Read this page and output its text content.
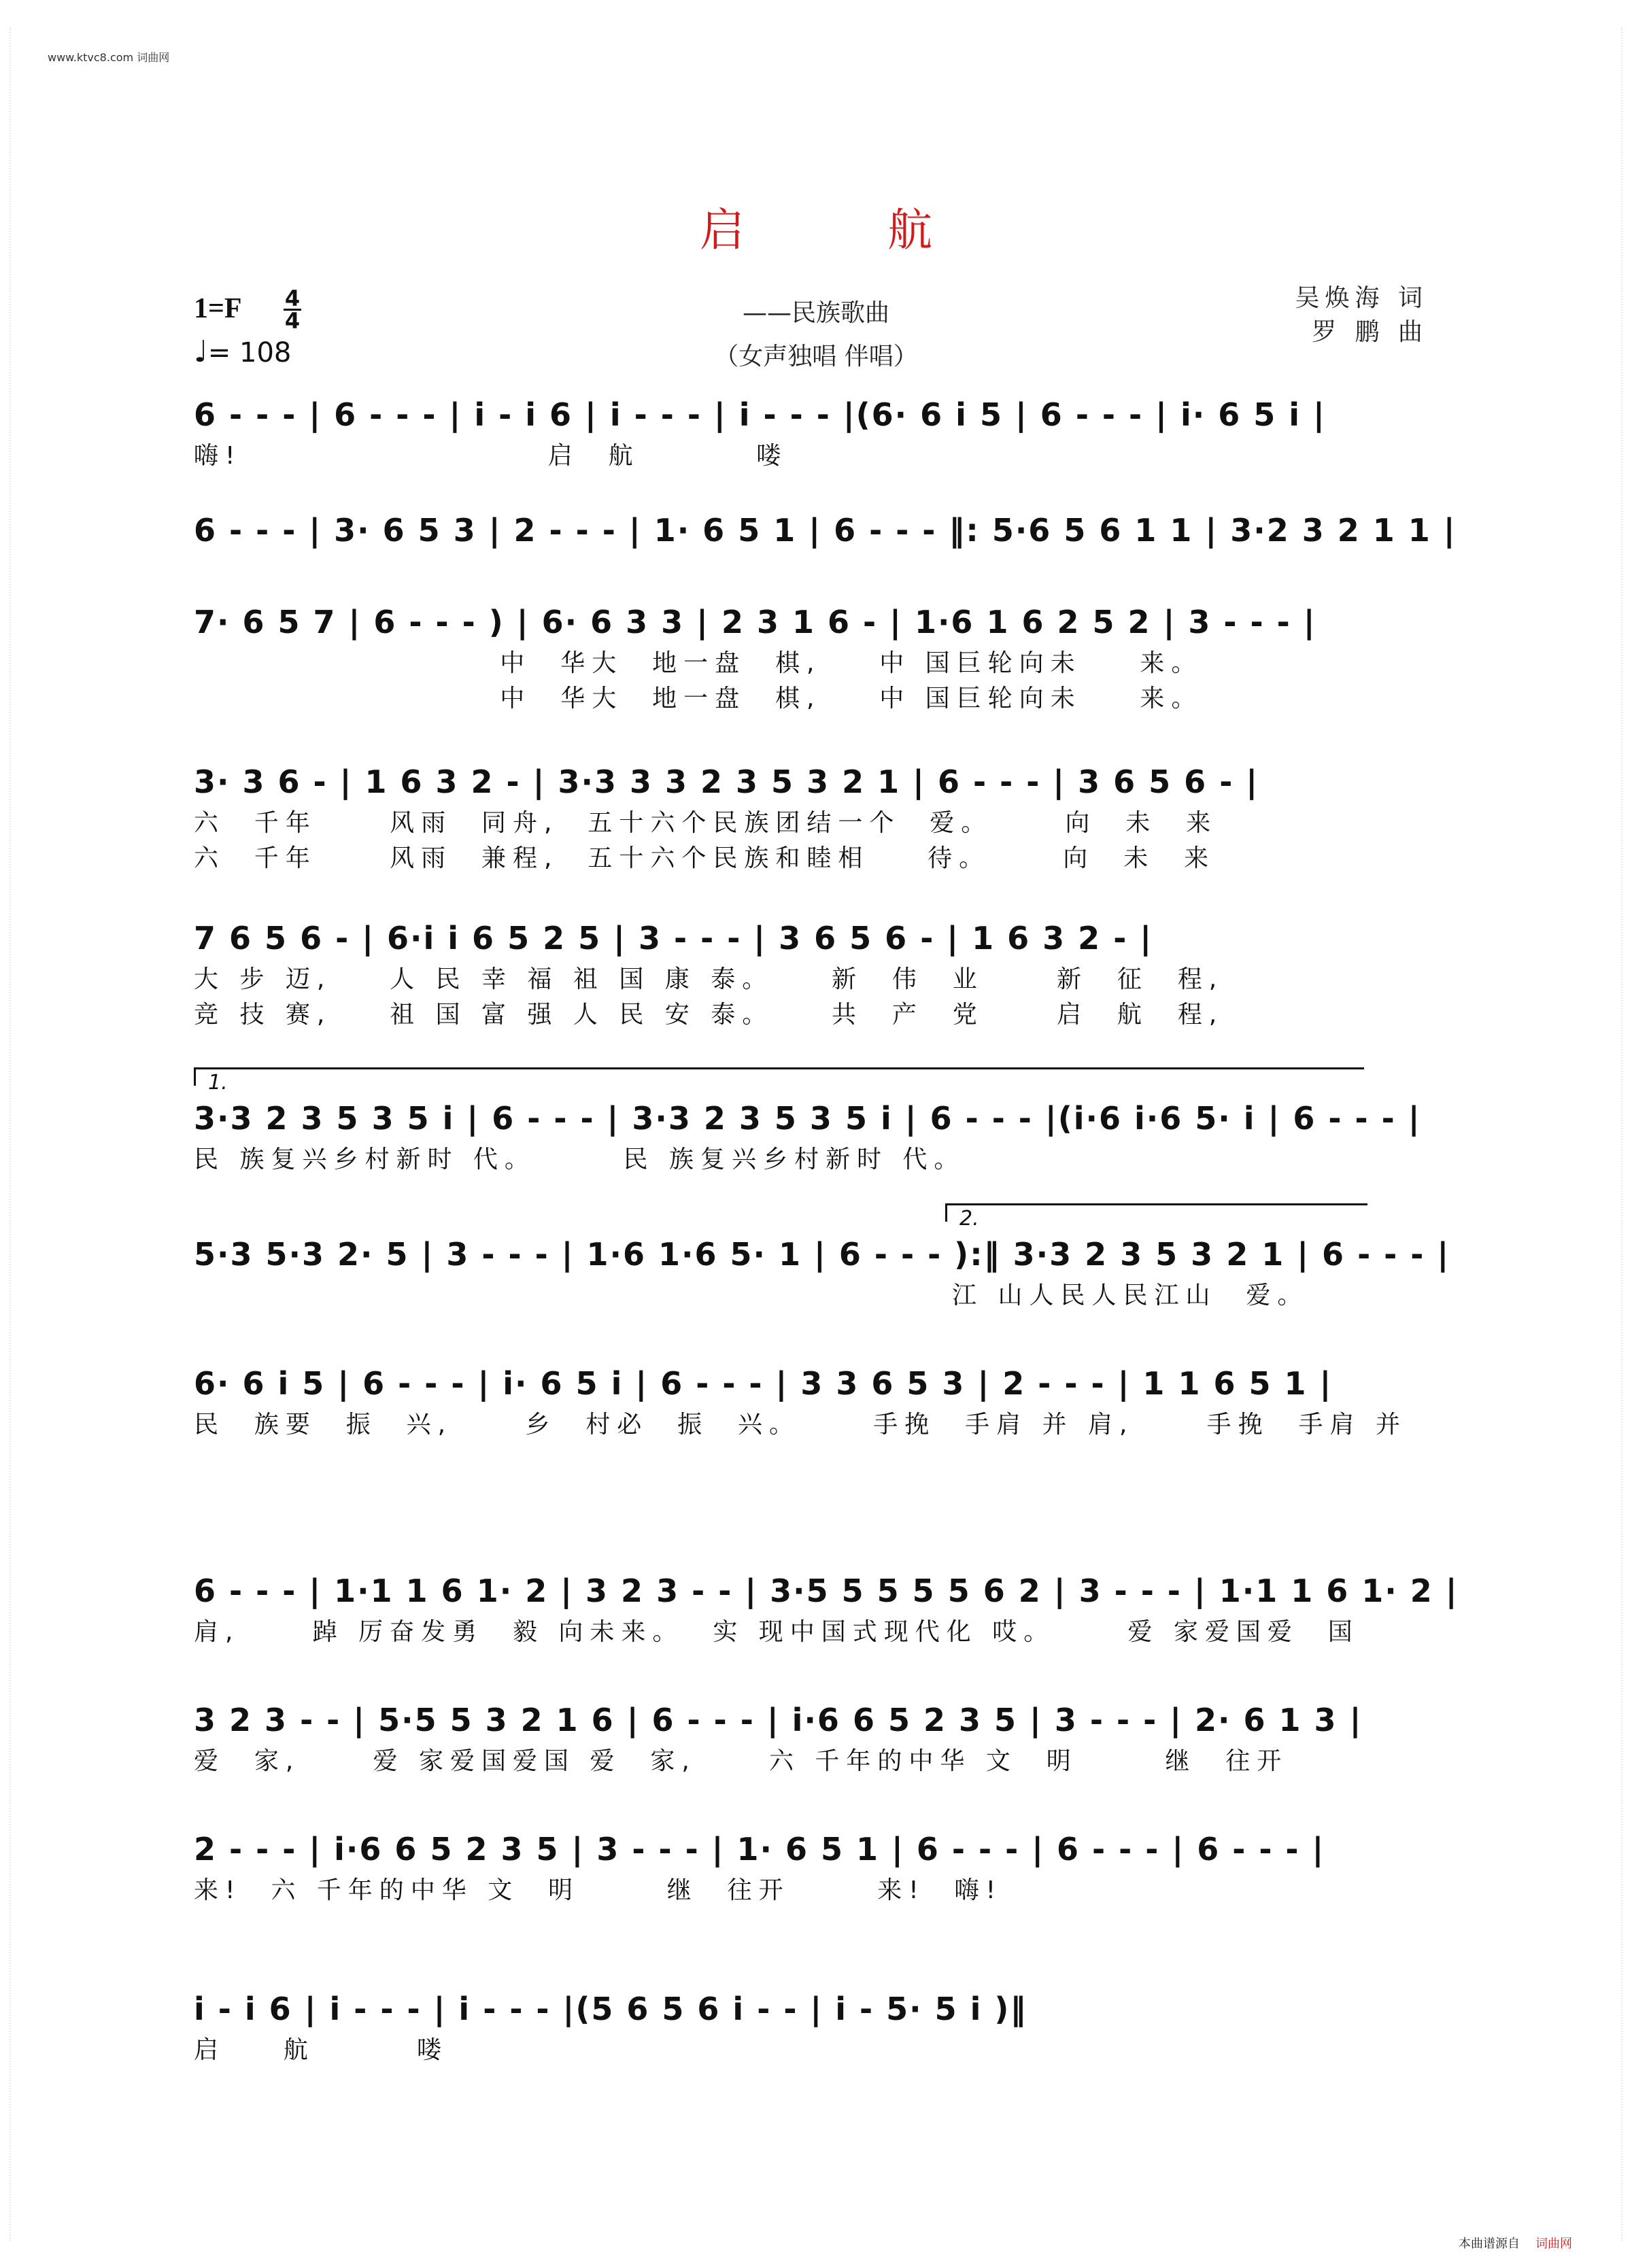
www.ktvc8.com 词曲网
启航
1=F 4
4
♩= 108
——民族歌曲
（女声独唱 伴唱）
吴焕海 词
罗 鹏 曲
1.
2.
6 - - - | 6 - - - | i - i 6 | i - - - | i - - - |(6· 6 i 5 | 6 - - - | i· 6 5 i |
嗨!                     启  航        喽
6 - - - | 3· 6 5 3 | 2 - - - | 1· 6 5 1 | 6 - - - ‖: 5·6 5 6 1 1 | 3·2 3 2 1 1 |
7· 6 5 7 | 6 - - - ) | 6· 6 3 3 | 2 3 1 6 - | 1·6 1 6 2 5 2 | 3 - - - |
中  华大  地一盘  棋,    中 国巨轮向未    来。
中  华大  地一盘  棋,    中 国巨轮向未    来。
3· 3 6 - | 1 6 3 2 - | 3·3 3 3 2 3 5 3 2 1 | 6 - - - | 3 6 5 6 - |
六  千年     风雨  同舟,  五十六个民族团结一个  爱。     向  未  来
六  千年     风雨  兼程,  五十六个民族和睦相    待。     向  未  来
7 6 5 6 - | 6·i i 6 5 2 5 | 3 - - - | 3 6 5 6 - | 1 6 3 2 - |
大 步 迈,    人 民 幸 福 祖 国 康 泰。    新  伟  业     新  征  程,
竞 技 赛,    祖 国 富 强 人 民 安 泰。    共  产  党     启  航  程,
3·3 2 3 5 3 5 i | 6 - - - | 3·3 2 3 5 3 5 i | 6 - - - |(i·6 i·6 5· i | 6 - - - |
民 族复兴乡村新时 代。      民 族复兴乡村新时 代。
5·3 5·3 2· 5 | 3 - - - | 1·6 1·6 5· 1 | 6 - - - ):‖ 3·3 2 3 5 3 2 1 | 6 - - - |
江 山人民人民江山  爱。
6· 6 i 5 | 6 - - - | i· 6 5 i | 6 - - - | 3 3 6 5 3 | 2 - - - | 1 1 6 5 1 |
民  族要  振  兴,     乡  村必  振  兴。     手挽  手肩 并 肩,     手挽  手肩 并
6 - - - | 1·1 1 6 1· 2 | 3 2 3 - - | 3·5 5 5 5 5 6 2 | 3 - - - | 1·1 1 6 1· 2 |
肩,     踔 厉奋发勇  毅 向未来。  实 现中国式现代化 哎。     爱 家爱国爱  国
3 2 3 - - | 5·5 5 3 2 1 6 | 6 - - - | i·6 6 5 2 3 5 | 3 - - - | 2· 6 1 3 |
爱  家,     爱 家爱国爱国 爱  家,     六 千年的中华 文  明      继  往开
2 - - - | i·6 6 5 2 3 5 | 3 - - - | 1· 6 5 1 | 6 - - - | 6 - - - | 6 - - - |
来!  六 千年的中华 文  明      继  往开      来!  嗨!
i - i 6 | i - - - | i - - - |(5 6 5 6 i - - | i - 5· 5 i )‖
启    航       喽
本曲谱源自 词曲网
